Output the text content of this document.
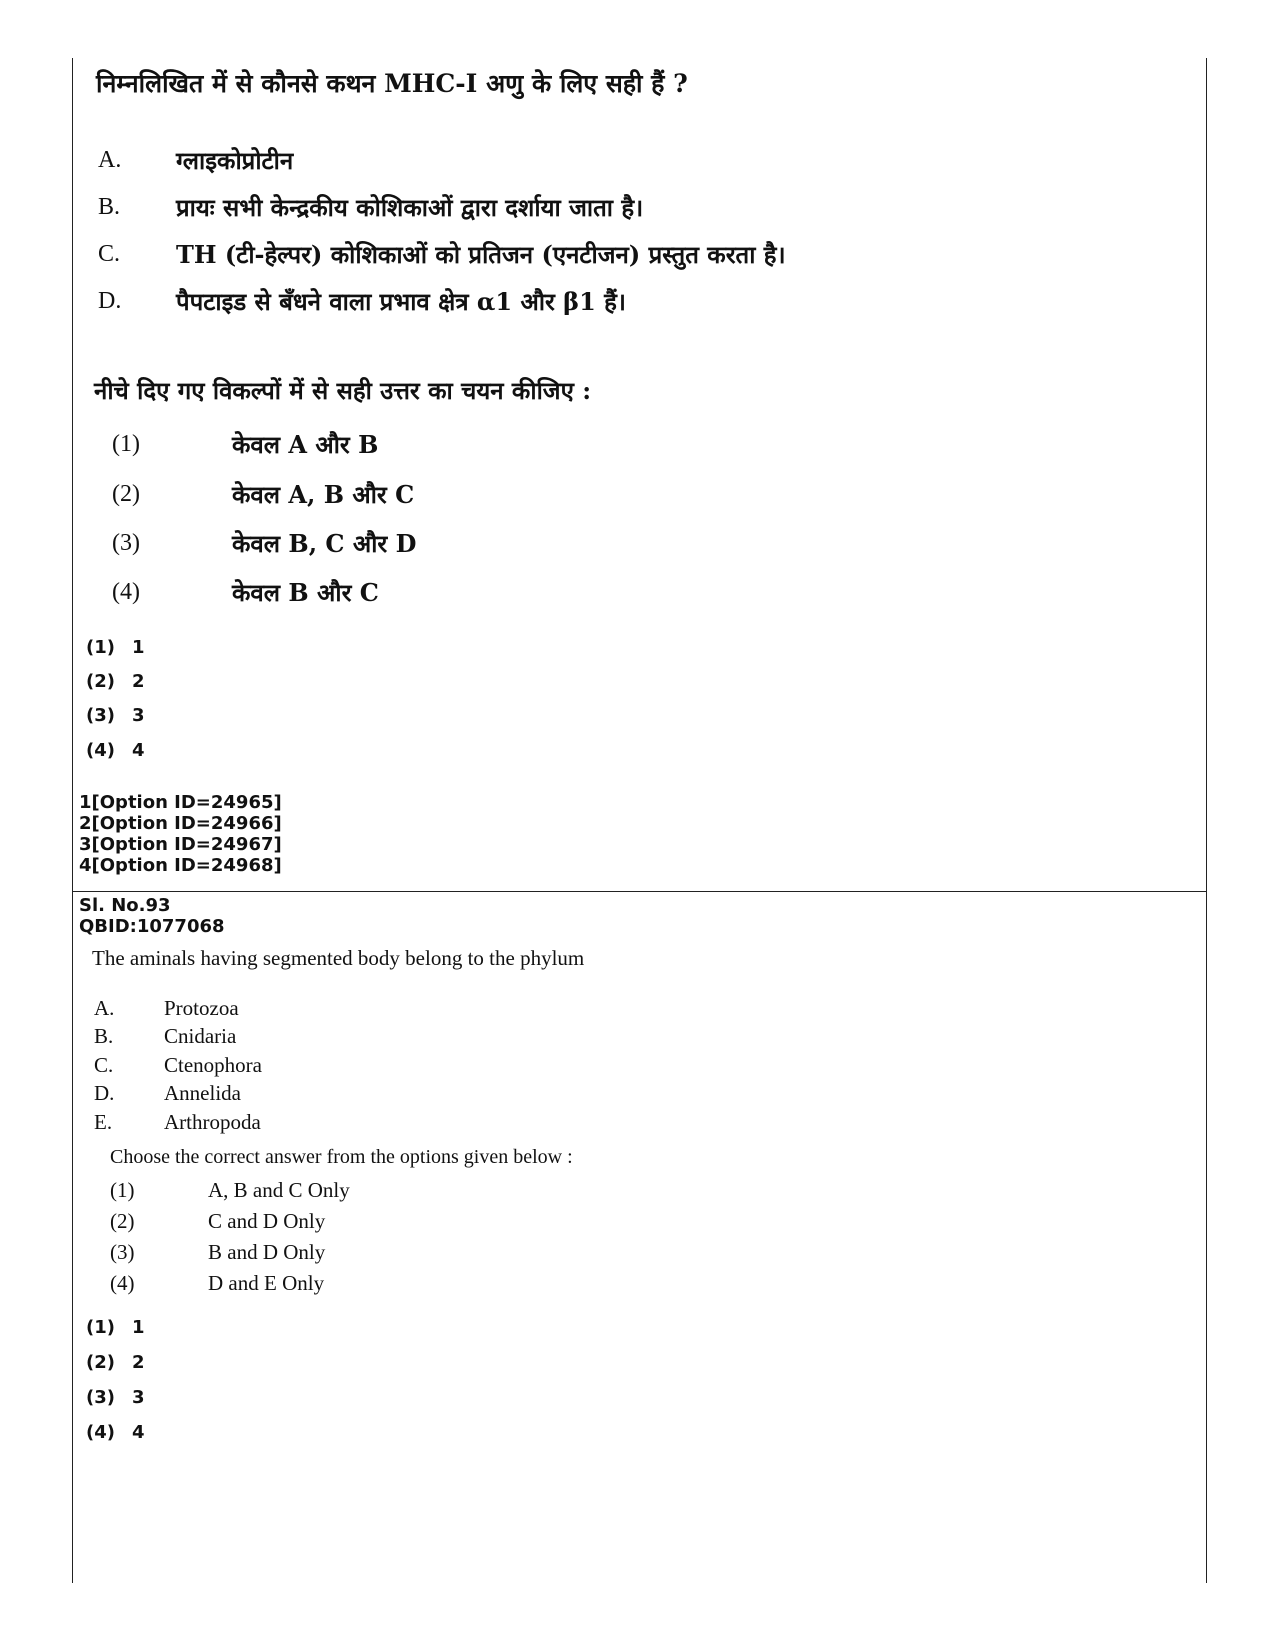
निम्नलिखित में से कौनसे कथन MHC-I अणु के लिए सही हैं ?
A.	ग्लाइकोप्रोटीन
B.	प्रायः सभी केन्द्रकीय कोशिकाओं द्वारा दर्शाया जाता है।
C.	TH (टी-हेल्पर) कोशिकाओं को प्रतिजन (एनटीजन) प्रस्तुत करता है।
D.	पैपटाइड से बँधने वाला प्रभाव क्षेत्र α1 और β1 हैं।
नीचे दिए गए विकल्पों में से सही उत्तर का चयन कीजिए :
(1)	केवल A और B
(2)	केवल A, B और C
(3)	केवल B, C और D
(4)	केवल B और C
(1) 1
(2) 2
(3) 3
(4) 4
1[Option ID=24965]
2[Option ID=24966]
3[Option ID=24967]
4[Option ID=24968]
Sl. No.93
QBID:1077068
The aminals having segmented body belong to the phylum
A.	Protozoa
B.	Cnidaria
C.	Ctenophora
D.	Annelida
E.	Arthropoda
Choose the correct answer from the options given below :
(1)	A, B and C Only
(2)	C and D Only
(3)	B and D Only
(4)	D and E Only
(1) 1
(2) 2
(3) 3
(4) 4
